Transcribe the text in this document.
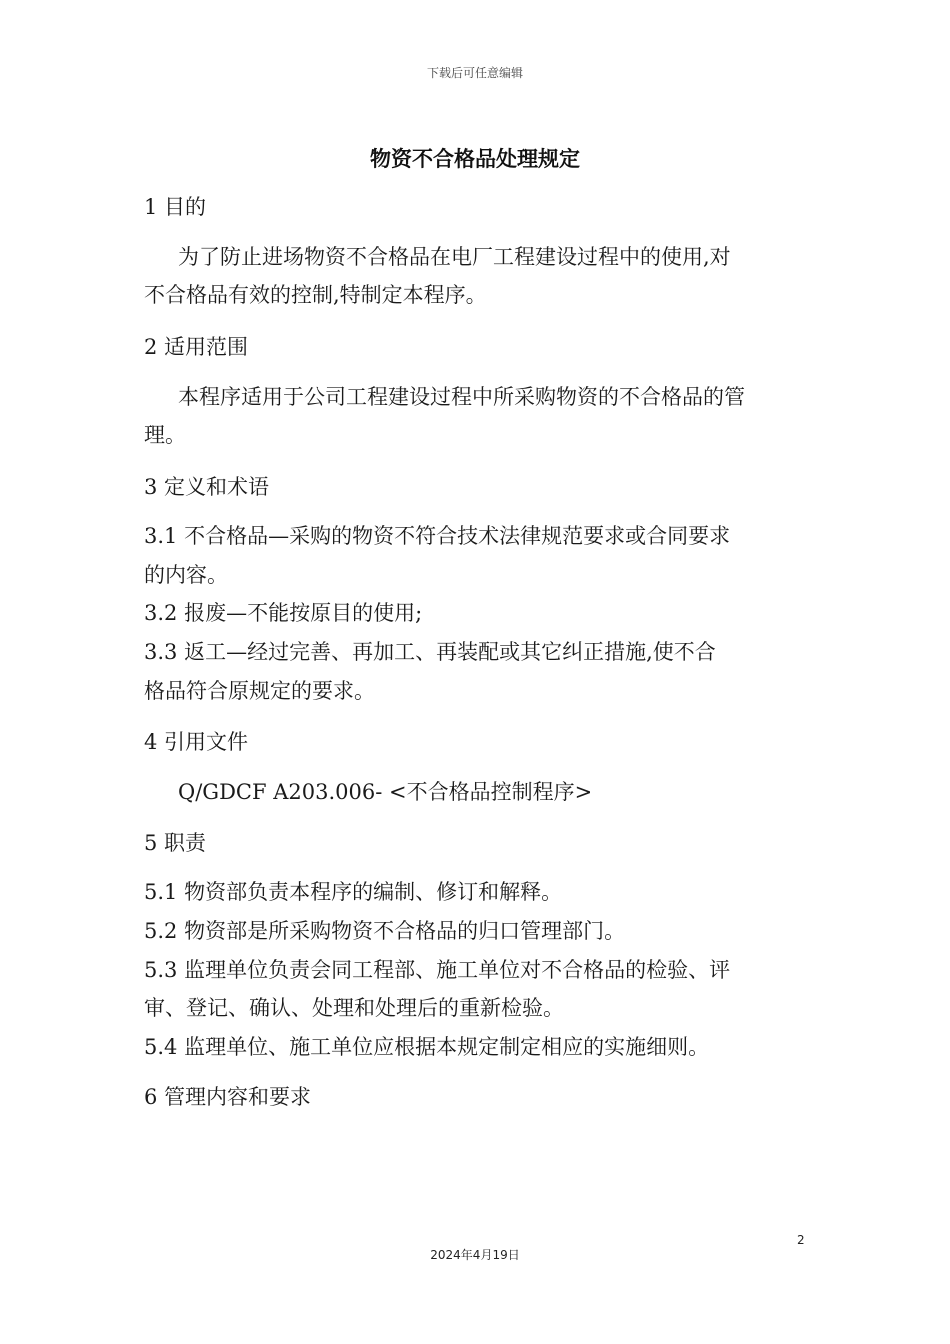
下载后可任意编辑
物资不合格品处理规定
1 目的
为了防止进场物资不合格品在电厂工程建设过程中的使用,对
不合格品有效的控制,特制定本程序。
2 适用范围
本程序适用于公司工程建设过程中所采购物资的不合格品的管
理。
3 定义和术语
3.1 不合格品—采购的物资不符合技术法律规范要求或合同要求
的内容。
3.2 报废—不能按原目的使用;
3.3 返工—经过完善、再加工、再装配或其它纠正措施,使不合
格品符合原规定的要求。
4 引用文件
Q/GDCF A203.006- <不合格品控制程序>
5 职责
5.1 物资部负责本程序的编制、修订和解释。
5.2 物资部是所采购物资不合格品的归口管理部门。
5.3 监理单位负责会同工程部、施工单位对不合格品的检验、评
审、登记、确认、处理和处理后的重新检验。
5.4 监理单位、施工单位应根据本规定制定相应的实施细则。
6 管理内容和要求
2
2024年4月19日
